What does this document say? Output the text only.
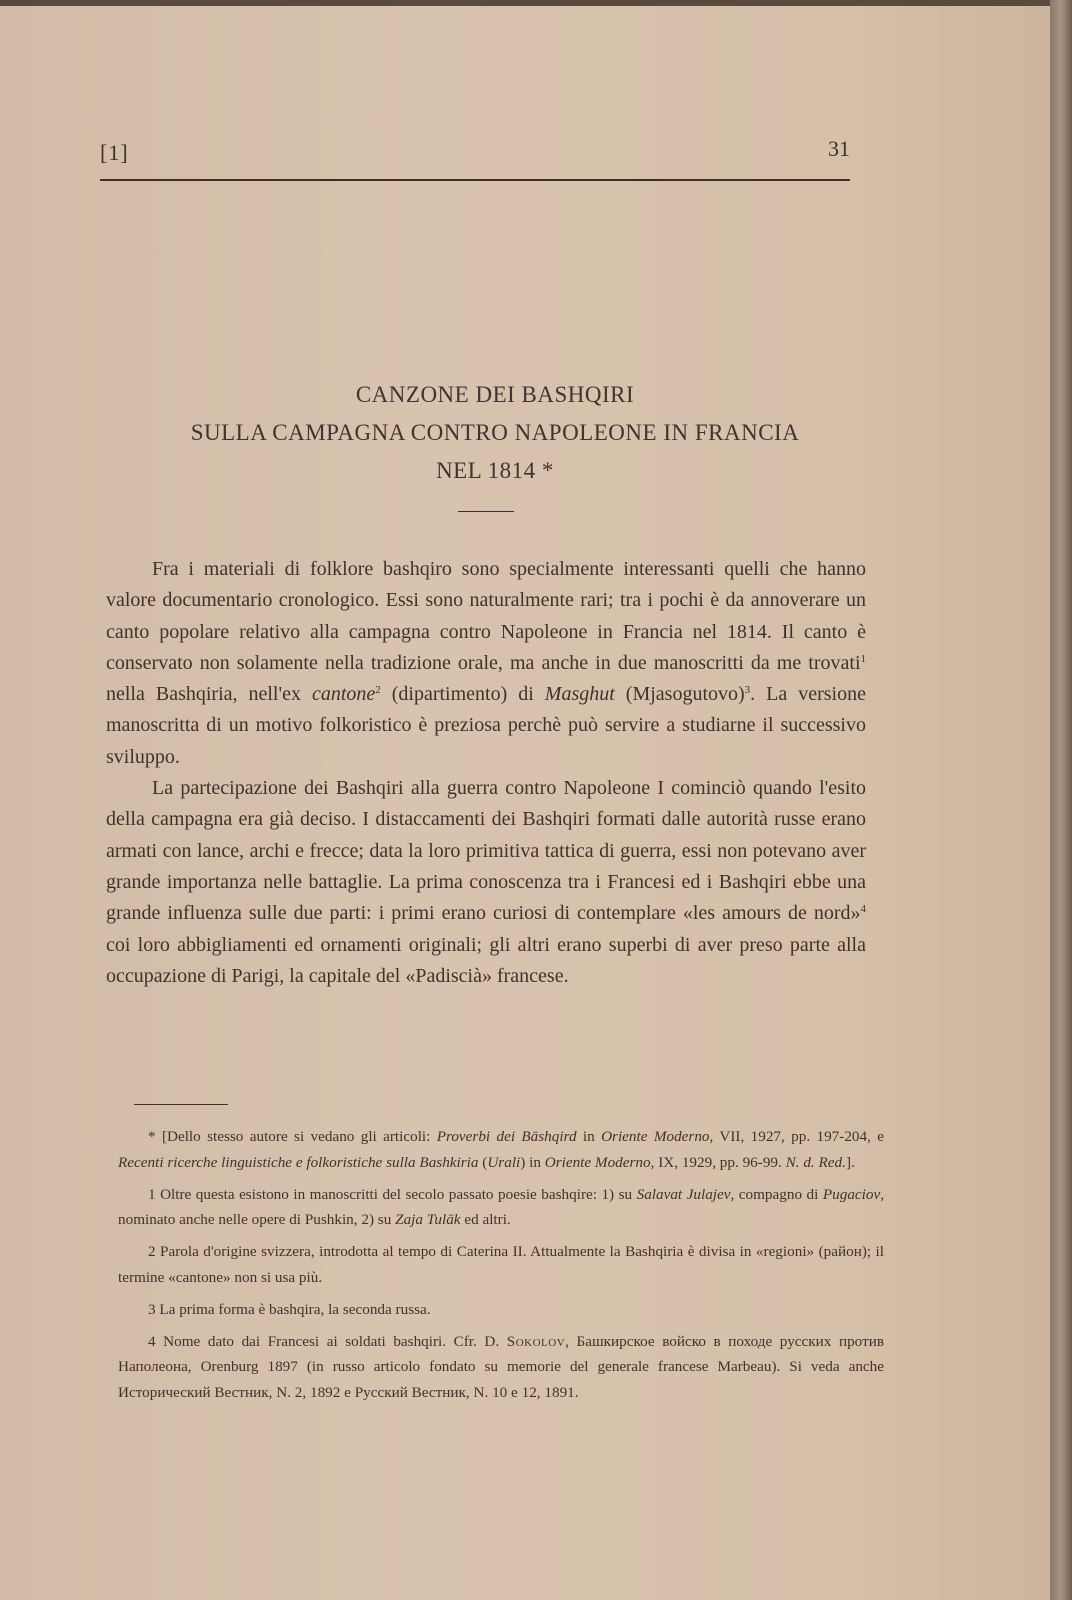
[1]	31
CANZONE DEI BASHQIRI
SULLA CAMPAGNA CONTRO NAPOLEONE IN FRANCIA
NEL 1814 *

Fra i materiali di folklore bashqiro sono specialmente interessanti quelli che hanno valore documentario cronologico. Essi sono naturalmente rari; tra i pochi è da annoverare un canto popolare relativo alla campagna contro Napoleone in Francia nel 1814. Il canto è conservato non solamente nella tradizione orale, ma anche in due manoscritti da me trovati$^1$ nella Bashqiria, nell'ex cantone$^2$ (dipartimento) di Masghut (Mjasogutovo)$^3$. La versione manoscritta di un motivo folkoristico è preziosa perchè può servire a studiarne il successivo sviluppo.

La partecipazione dei Bashqiri alla guerra contro Napoleone I cominciò quando l'esito della campagna era già deciso. I distaccamenti dei Bashqiri formati dalle autorità russe erano armati con lance, archi e frecce; data la loro primitiva tattica di guerra, essi non potevano aver grande importanza nelle battaglie. La prima conoscenza tra i Francesi ed i Bashqiri ebbe una grande influenza sulle due parti: i primi erano curiosi di contemplare «les amours de nord»$^4$ coi loro abbigliamenti ed ornamenti originali; gli altri erano superbi di aver preso parte alla occupazione di Parigi, la capitale del «Padiscià» francese.

* [Dello stesso autore si vedano gli articoli: Proverbi dei Bāshqird in Oriente Moderno, VII, 1927, pp. 197-204, e Recenti ricerche linguistiche e folkoristiche sulla Bashkiria (Urali) in Oriente Moderno, IX, 1929, pp. 96-99. N. d. Red.].

1 Oltre questa esistono in manoscritti del secolo passato poesie bashqire: 1) su Salavat Julajev, compagno di Pugaciov, nominato anche nelle opere di Pushkin, 2) su Zaja Tulāk ed altri.

2 Parola d'origine svizzera, introdotta al tempo di Caterina II. Attualmente la Bashqiria è divisa in «regioni» (район); il termine «cantone» non si usa più.

3 La prima forma è bashqira, la seconda russa.

4 Nome dato dai Francesi ai soldati bashqiri. Cfr. D. Sokolov, Башкирское войско в походе русских против Наполеона, Orenburg 1897 (in russo articolo fondato su memorie del generale francese Marbeau). Si veda anche Исторический Вестник, N. 2, 1892 e Русский Вестник, N. 10 e 12, 1891.
